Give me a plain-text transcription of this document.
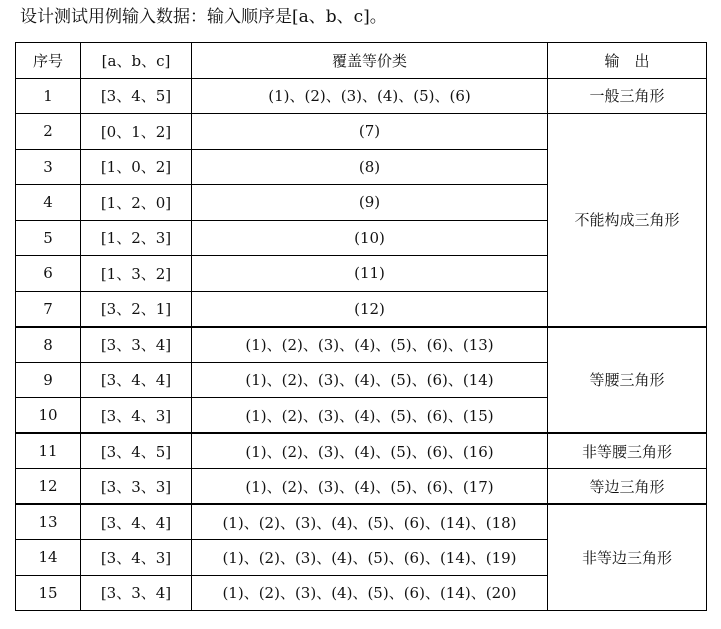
设计测试用例输入数据：输入顺序是[a、b、c]。
序号	[a、b、c]	覆盖等价类	输　出
1	[3、4、5]	(1)、(2)、(3)、(4)、(5)、(6)	一般三角形
2	[0、1、2]	(7)	不能构成三角形
3	[1、0、2]	(8)	
4	[1、2、0]	(9)	
5	[1、2、3]	(10)	
6	[1、3、2]	(11)	
7	[3、2、1]	(12)	
8	[3、3、4]	(1)、(2)、(3)、(4)、(5)、(6)、(13)	等腰三角形
9	[3、4、4]	(1)、(2)、(3)、(4)、(5)、(6)、(14)	
10	[3、4、3]	(1)、(2)、(3)、(4)、(5)、(6)、(15)	
11	[3、4、5]	(1)、(2)、(3)、(4)、(5)、(6)、(16)	非等腰三角形
12	[3、3、3]	(1)、(2)、(3)、(4)、(5)、(6)、(17)	等边三角形
13	[3、4、4]	(1)、(2)、(3)、(4)、(5)、(6)、(14)、(18)	非等边三角形
14	[3、4、3]	(1)、(2)、(3)、(4)、(5)、(6)、(14)、(19)	
15	[3、3、4]	(1)、(2)、(3)、(4)、(5)、(6)、(14)、(20)	
